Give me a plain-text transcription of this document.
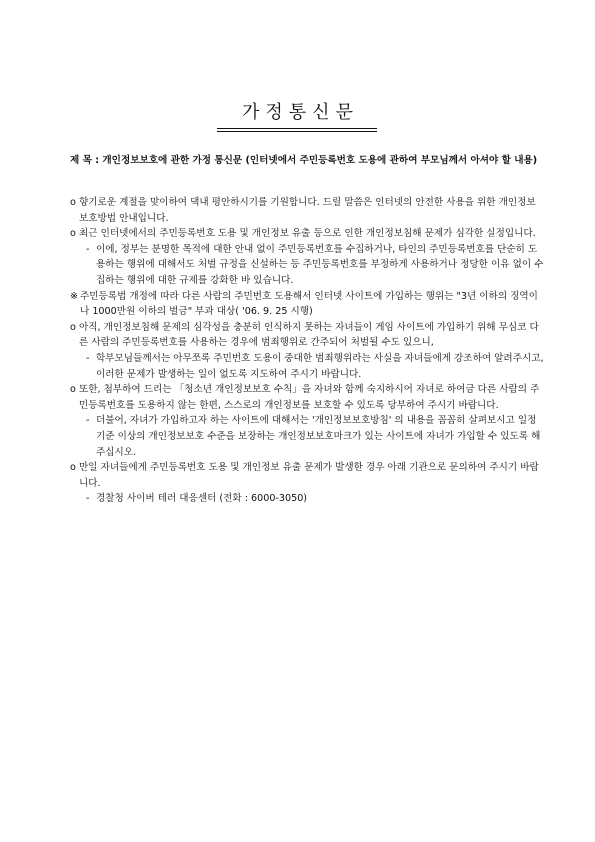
가정통신문
제 목 : 개인정보보호에 관한 가정 통신문 (인터넷에서 주민등록번호 도용에 관하여 부모님께서 아셔야 할 내용)
o 향기로운 계절을 맞이하여 댁내 평안하시기를 기원합니다. 드릴 말씀은 인터넷의 안전한 사용을 위한 개인정보 보호방법 안내입니다.
o 최근 인터넷에서의 주민등록번호 도용 및 개인정보 유출 등으로 인한 개인정보침해 문제가 심각한 실정입니다.
- 이에, 정부는 분명한 목적에 대한 안내 없이 주민등록번호를 수집하거나, 타인의 주민등록번호를 단순히 도용하는 행위에 대해서도 처벌 규정을 신설하는 등 주민등록번호를 부정하게 사용하거나 정당한 이유 없이 수집하는 행위에 대한 규제를 강화한 바 있습니다.
※ 주민등록법 개정에 따라 다른 사람의 주민번호 도용해서 인터넷 사이트에 가입하는 행위는 "3년 이하의 징역이나 1000만원 이하의 벌금" 부과 대상( '06. 9. 25 시행)
o 아직, 개인정보침해 문제의 심각성을 충분히 인식하지 못하는 자녀들이 게임 사이트에 가입하기 위해 무심코 다른 사람의 주민등록번호를 사용하는 경우에 범죄행위로 간주되어 처벌될 수도 있으니,
- 학부모님들께서는 아무쪼록 주민번호 도용이 중대한 범죄행위라는 사실을 자녀들에게 강조하여 알려주시고, 이러한 문제가 발생하는 일이 없도록 지도하여 주시기 바랍니다.
o 또한, 첨부하여 드리는 「청소년 개인정보보호 수칙」을 자녀와 함께 숙지하시어 자녀로 하여금 다른 사람의 주민등록번호를 도용하지 않는 한편, 스스로의 개인정보를 보호할 수 있도록 당부하여 주시기 바랍니다.
- 더불어, 자녀가 가입하고자 하는 사이트에 대해서는 '개인정보보호방침' 의 내용을 꼼꼼히 살펴보시고 일정 기준 이상의 개인정보보호 수준을 보장하는 개인정보보호마크가 있는 사이트에 자녀가 가입할 수 있도록 해주십시오.
o 만일 자녀들에게 주민등록번호 도용 및 개인정보 유출 문제가 발생한 경우 아래 기관으로 문의하여 주시기 바랍니다.
- 경찰청 사이버 테러 대응센터 (전화 : 6000-3050)
